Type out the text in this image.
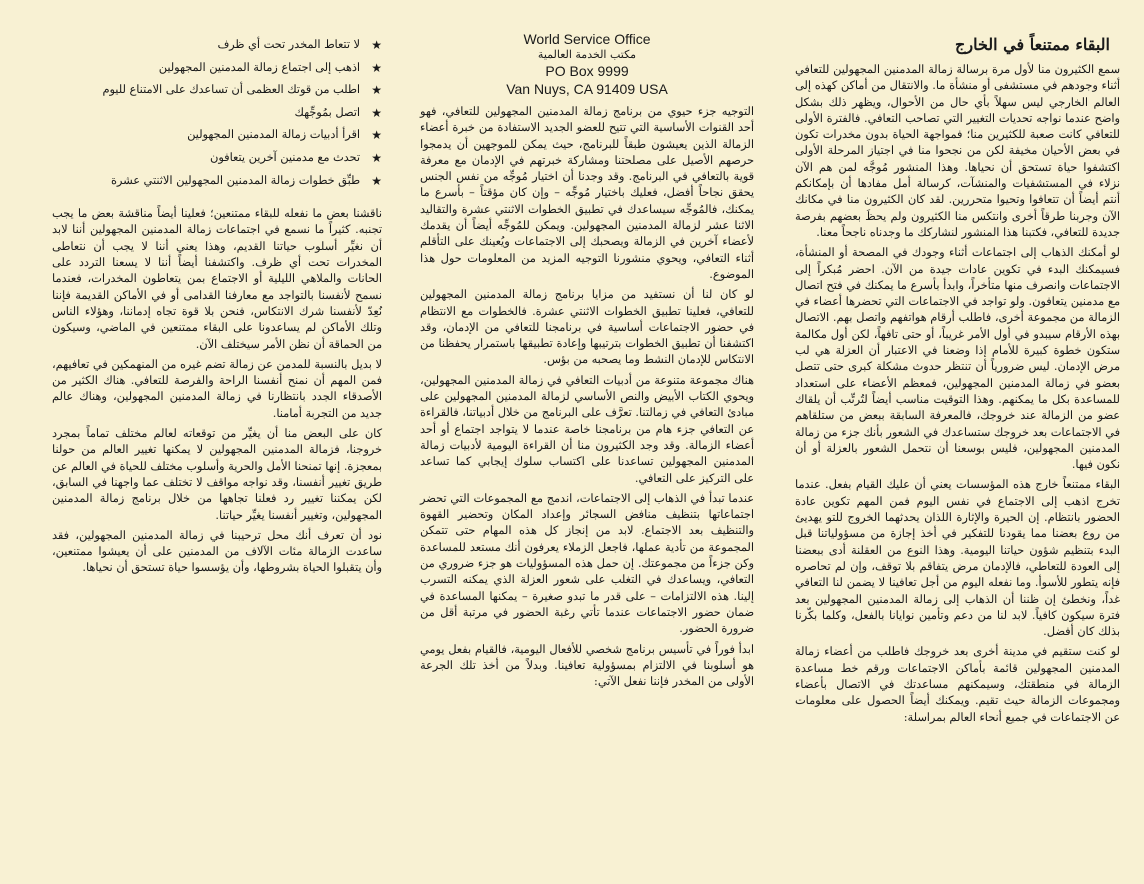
★
لا تتعاط المخدر تحت أي ظرف
★
اذهب إلى اجتماع زمالة المدمنين المجهولين
★
اطلب من قوتك العظمى أن تساعدك على الامتناع لليوم
★
اتصل بمُوجِّهك
★
اقرأ أدبيات زمالة المدمنين المجهولين
★
تحدث مع مدمنين آخرين يتعافون
★
طبِّق خطوات زمالة المدمنين المجهولين الاثنتي عشرة

ناقشنا بعض ما نفعله للبقاء ممتنعين؛ فعلينا أيضاً مناقشة بعض ما يجب تجنبه. كثيراً ما نسمع في اجتماعات زمالة المدمنين المجهولين أننا لابد أن نغيِّر أسلوب حياتنا القديم، وهذا يعني أننا لا يجب أن نتعاطى المخدرات تحت أي ظرف. واكتشفنا أيضاً أننا لا يسعنا التردد على الحانات والملاهي الليلية أو الاجتماع بمن يتعاطون المخدرات، فعندما نسمح لأنفسنا بالتواجد مع معارفنا القدامى أو في الأماكن القديمة فإننا نُعِدّ لأنفسنا شرك الانتكاس، فنحن بلا قوة تجاه إدماننا، وهؤلاء الناس وتلك الأماكن لم يساعدونا على البقاء ممتنعين في الماضي، وسيكون من الحماقة أن نظن الأمر سيختلف الآن.

لا بديل بالنسبة للمدمن عن زمالة تضم غيره من المنهمكين في تعافيهم، فمن المهم أن نمنح أنفسنا الراحة والفرصة للتعافي. هناك الكثير من الأصدقاء الجدد بانتظارنا في زمالة المدمنين المجهولين، وهناك عالم جديد من التجربة أمامنا.

كان على البعض منا أن يغيِّر من توقعاته لعالم مختلف تماماً بمجرد خروجنا، فزمالة المدمنين المجهولين لا يمكنها تغيير العالم من حولنا بمعجزة. إنها تمنحنا الأمل والحرية وأسلوب مختلف للحياة في العالم عن طريق تغيير أنفسنا، وقد نواجه مواقف لا تختلف عما واجهنا في السابق، لكن يمكننا تغيير رد فعلنا تجاهها من خلال برنامج زمالة المدمنين المجهولين، وتغيير أنفسنا يغيِّر حياتنا.

نود أن تعرف أنك محل ترحيبنا في زمالة المدمنين المجهولين، فقد ساعدت الزمالة مئات الآلاف من المدمنين على أن يعيشوا ممتنعين، وأن يتقبلوا الحياة بشروطها، وأن يؤسسوا حياة تستحق أن نحياها.

World Service Office
مكتب الخدمة العالمية
PO Box 9999
Van Nuys, CA 91409 USA

التوجيه جزء حيوي من برنامج زمالة المدمنين المجهولين للتعافي، فهو أحد القنوات الأساسية التي تتيح للعضو الجديد الاستفادة من خبرة أعضاء الزمالة الذين يعيشون طبقاً للبرنامج، حيث يمكن للموجهين أن يدمجوا حرصهم الأصيل على مصلحتنا ومشاركة خبرتهم في الإدمان مع معرفة قوية بالتعافي في البرنامج. وقد وجدنا أن اختيار مُوجِّه من نفس الجنس يحقق نجاحاً أفضل، فعليك باختيار مُوجِّه – وإن كان مؤقتاً – بأسرع ما يمكنك، فالمُوجِّه سيساعدك في تطبيق الخطوات الاثنتي عشرة والتقاليد الاثنا عشر لزمالة المدمنين المجهولين. ويمكن للمُوجِّه أيضاً أن يقدمك لأعضاء آخرين في الزمالة ويصحبك إلى الاجتماعات ويُعينك على التأقلم أثناء التعافي، ويحوي منشورنا التوجيه المزيد من المعلومات حول هذا الموضوع.

لو كان لنا أن نستفيد من مزايا برنامج زمالة المدمنين المجهولين للتعافي، فعلينا تطبيق الخطوات الاثنتي عشرة. فالخطوات مع الانتظام في حضور الاجتماعات أساسية في برنامجنا للتعافي من الإدمان، وقد اكتشفنا أن تطبيق الخطوات بترتيبها وإعادة تطبيقها باستمرار يحفظنا من الانتكاس للإدمان النشط وما يصحبه من بؤس.

هناك مجموعة متنوعة من أدبيات التعافي في زمالة المدمنين المجهولين، ويحوي الكتاب الأبيض والنص الأساسي لزمالة المدمنين المجهولين على مبادئ التعافي في زمالتنا. تعرَّف على البرنامج من خلال أدبياتنا، فالقراءة عن التعافي جزء هام من برنامجنا خاصة عندما لا يتواجد اجتماع أو أحد أعضاء الزمالة. وقد وجد الكثيرون منا أن القراءة اليومية لأدبيات زمالة المدمنين المجهولين تساعدنا على اكتساب سلوك إيجابي كما تساعد على التركيز على التعافي.

عندما تبدأ في الذهاب إلى الاجتماعات، اندمج مع المجموعات التي تحضر اجتماعاتها بتنظيف منافض السجائر وإعداد المكان وتحضير القهوة والتنظيف بعد الاجتماع. لابد من إنجاز كل هذه المهام حتى تتمكن المجموعة من تأدية عملها، فاجعل الزملاء يعرفون أنك مستعد للمساعدة وكن جزءاً من مجموعتك. إن حمل هذه المسؤوليات هو جزء ضروري من التعافي، ويساعدك في التغلب على شعور العزلة الذي يمكنه التسرب إلينا. هذه الالتزامات – على قدر ما تبدو صغيرة – يمكنها المساعدة في ضمان حضور الاجتماعات عندما تأتي رغبة الحضور في مرتبة أقل من ضرورة الحضور.

ابدأ فوراً في تأسيس برنامج شخصي للأفعال اليومية، فالقيام بفعل يومي هو أسلوبنا في الالتزام بمسؤولية تعافينا. وبدلاً من أخذ تلك الجرعة الأولى من المخدر فإننا نفعل الآتي:

البقاء ممتنعاً في الخارج

سمع الكثيرون منا لأول مرة برسالة زمالة المدمنين المجهولين للتعافي أثناء وجودهم في مستشفى أو منشأة ما. والانتقال من أماكن كهذه إلى العالم الخارجي ليس سهلاً بأي حال من الأحوال، ويظهر ذلك بشكل واضح عندما نواجه تحديات التغيير التي تصاحب التعافي. فالفترة الأولى للتعافي كانت صعبة للكثيرين منا؛ فمواجهة الحياة بدون مخدرات تكون في بعض الأحيان مخيفة لكن من نجحوا منا في اجتياز المرحلة الأولى اكتشفوا حياة تستحق أن نحياها. وهذا المنشور مُوجَّه لمن هم الآن نزلاء في المستشفيات والمنشآت، كرسالة أمل مفادها أن بإمكانكم أنتم أيضاً أن تتعافوا وتحيوا متحررين. لقد كان الكثيرون منا في مكانك الآن وجربنا طرقاً أخرى وانتكس منا الكثيرون ولم يحظَ بعضهم بفرصة جديدة للتعافي، فكتبنا هذا المنشور لنشاركك ما وجدناه ناجحاً معنا.

لو أمكنك الذهاب إلى اجتماعات أثناء وجودك في المصحة أو المنشأة، فسيمكنك البدء في تكوين عادات جيدة من الآن. احضر مُبكراً إلى الاجتماعات وانصرف منها متأخراً، وابدأ بأسرع ما يمكنك في فتح اتصال مع مدمنين يتعافون. ولو تواجد في الاجتماعات التي تحضرها أعضاء في الزمالة من مجموعة أخرى، فاطلب أرقام هواتفهم واتصل بهم. الاتصال بهذه الأرقام سيبدو في أول الأمر غريباً، أو حتى تافهاً، لكن أول مكالمة ستكون خطوة كبيرة للأمام إذا وضعنا في الاعتبار أن العزلة هي لب مرض الإدمان. ليس ضرورياً أن تنتظر حدوث مشكلة كبرى حتى تتصل بعضو في زمالة المدمنين المجهولين، فمعظم الأعضاء على استعداد للمساعدة بكل ما يمكنهم. وهذا التوقيت مناسب أيضاً لتُرتِّب أن يلقاك عضو من الزمالة عند خروجك، فالمعرفة السابقة ببعض من ستلقاهم في الاجتماعات بعد خروجك ستساعدك في الشعور بأنك جزء من زمالة المدمنين المجهولين، فليس بوسعنا أن نتحمل الشعور بالعزلة أو أن نكون فيها.

البقاء ممتنعاً خارج هذه المؤسسات يعني أن عليك القيام بفعل. عندما تخرج اذهب إلى الاجتماع في نفس اليوم فمن المهم تكوين عادة الحضور بانتظام. إن الحيرة والإثارة اللذان يحدثهما الخروج للتو يهديئ من روع بعضنا مما يقودنا للتفكير في أخذ إجازة من مسؤولياتنا قبل البدء بتنظيم شؤون حياتنا اليومية. وهذا النوع من العقلنة أدى ببعضنا إلى العودة للتعاطي، فالإدمان مرض يتفاقم بلا توقف، وإن لم تحاصره فإنه يتطور للأسوأ. وما نفعله اليوم من أجل تعافينا لا يضمن لنا التعافي غداً، ونخطئ إن ظننا أن الذهاب إلى زمالة المدمنين المجهولين بعد فترة سيكون كافياً. لابد لنا من دعم وتأمين نوايانا بالفعل، وكلما بكّرنا بذلك كان أفضل.

لو كنت ستقيم في مدينة أخرى بعد خروجك فاطلب من أعضاء زمالة المدمنين المجهولين قائمة بأماكن الاجتماعات ورقم خط مساعدة الزمالة في منطقتك، وسيمكنهم مساعدتك في الاتصال بأعضاء ومجموعات الزمالة حيث تقيم. ويمكنك أيضاً الحصول على معلومات عن الاجتماعات في جميع أنحاء العالم بمراسلة:
